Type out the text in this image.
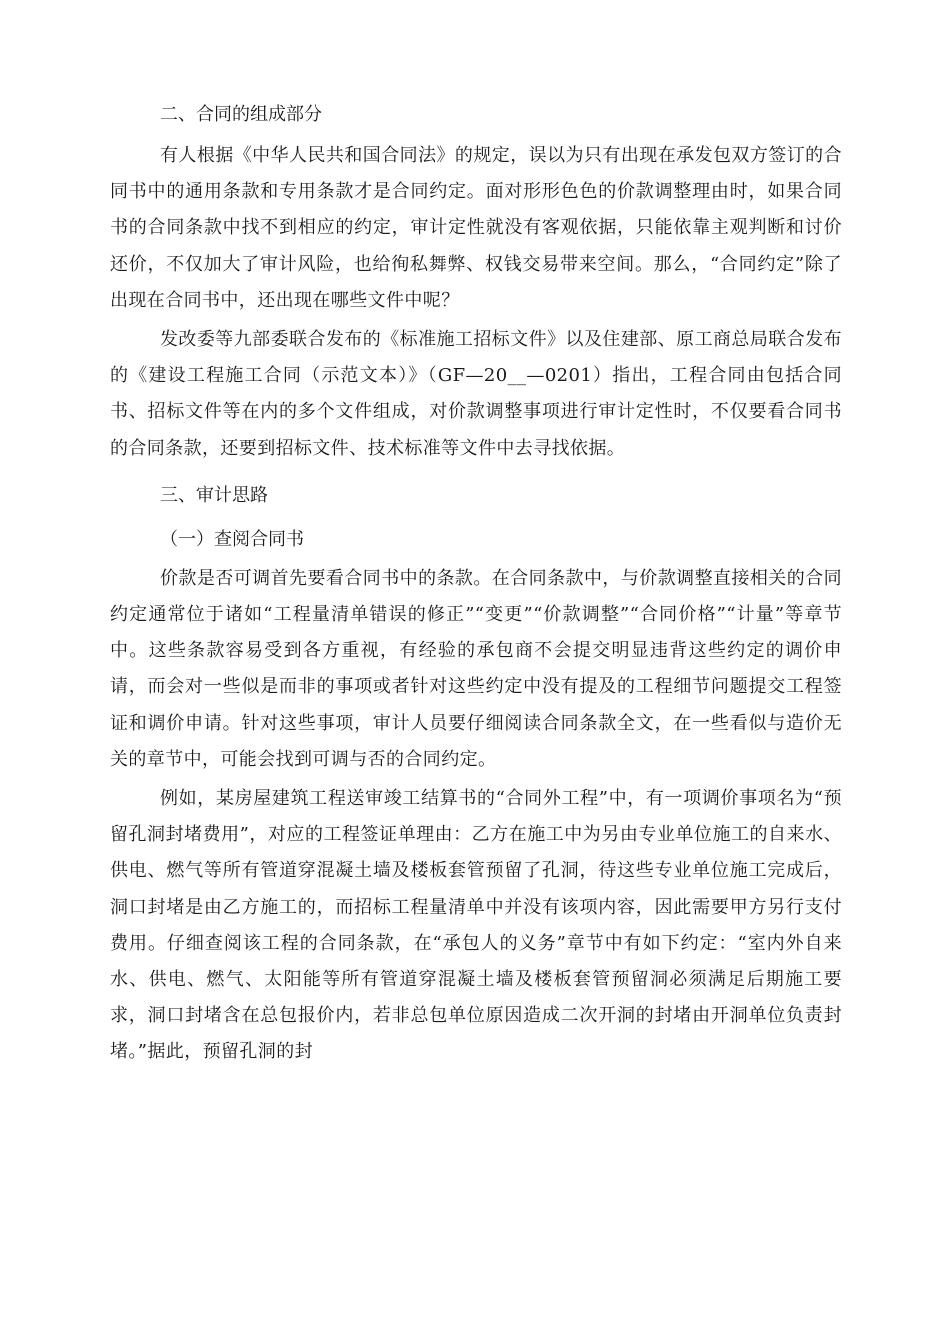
二、合同的组成部分

有人根据《中华人民共和国合同法》的规定，误以为只有出现在承发包双方签订的合同书中的通用条款和专用条款才是合同约定。面对形形色色的价款调整理由时，如果合同书的合同条款中找不到相应的约定，审计定性就没有客观依据，只能依靠主观判断和讨价还价，不仅加大了审计风险，也给徇私舞弊、权钱交易带来空间。那么，“合同约定”除了出现在合同书中，还出现在哪些文件中呢？

发改委等九部委联合发布的《标准施工招标文件》以及住建部、原工商总局联合发布的《建设工程施工合同（示范文本）》（GF—20__—0201）指出，工程合同由包括合同书、招标文件等在内的多个文件组成，对价款调整事项进行审计定性时，不仅要看合同书的合同条款，还要到招标文件、技术标准等文件中去寻找依据。

三、审计思路

（一）查阅合同书

价款是否可调首先要看合同书中的条款。在合同条款中，与价款调整直接相关的合同约定通常位于诸如“工程量清单错误的修正”“变更”“价款调整”“合同价格”“计量”等章节中。这些条款容易受到各方重视，有经验的承包商不会提交明显违背这些约定的调价申请，而会对一些似是而非的事项或者针对这些约定中没有提及的工程细节问题提交工程签证和调价申请。针对这些事项，审计人员要仔细阅读合同条款全文，在一些看似与造价无关的章节中，可能会找到可调与否的合同约定。

例如，某房屋建筑工程送审竣工结算书的“合同外工程”中，有一项调价事项名为“预留孔洞封堵费用”，对应的工程签证单理由：乙方在施工中为另由专业单位施工的自来水、供电、燃气等所有管道穿混凝土墙及楼板套管预留了孔洞，待这些专业单位施工完成后，洞口封堵是由乙方施工的，而招标工程量清单中并没有该项内容，因此需要甲方另行支付费用。仔细查阅该工程的合同条款，在“承包人的义务”章节中有如下约定：“室内外自来水、供电、燃气、太阳能等所有管道穿混凝土墙及楼板套管预留洞必须满足后期施工要求，洞口封堵含在总包报价内，若非总包单位原因造成二次开洞的封堵由开洞单位负责封堵。”据此，预留孔洞的封
